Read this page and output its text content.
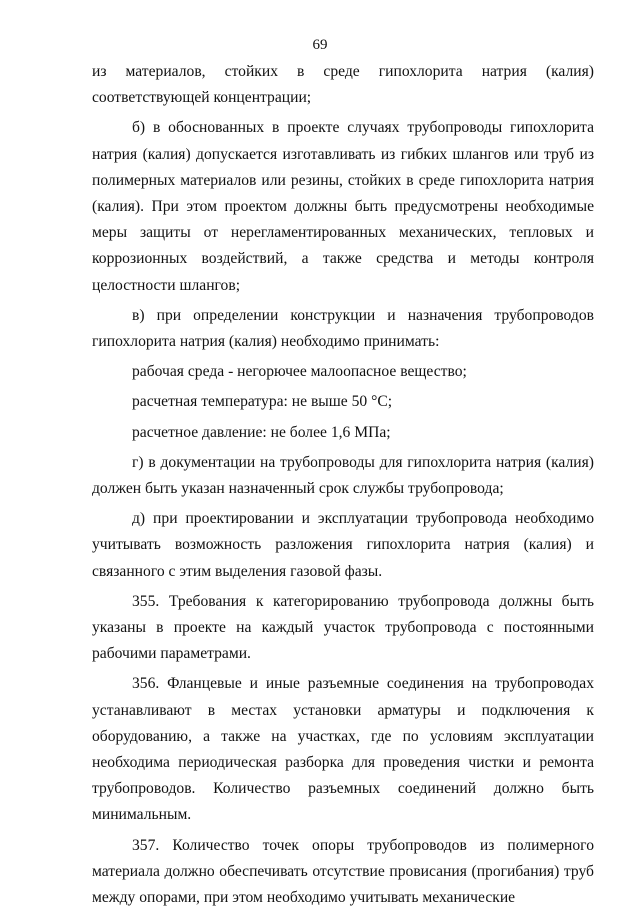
69

из материалов, стойких в среде гипохлорита натрия (калия) соответствующей концентрации;

б) в обоснованных в проекте случаях трубопроводы гипохлорита натрия (калия) допускается изготавливать из гибких шлангов или труб из полимерных материалов или резины, стойких в среде гипохлорита натрия (калия). При этом проектом должны быть предусмотрены необходимые меры защиты от нерегламентированных механических, тепловых и коррозионных воздействий, а также средства и методы контроля целостности шлангов;

в) при определении конструкции и назначения трубопроводов гипохлорита натрия (калия) необходимо принимать:

рабочая среда - негорючее малоопасное вещество;

расчетная температура: не выше 50 °С;

расчетное давление: не более 1,6 МПа;

г) в документации на трубопроводы для гипохлорита натрия (калия) должен быть указан назначенный срок службы трубопровода;

д) при проектировании и эксплуатации трубопровода необходимо учитывать возможность разложения гипохлорита натрия (калия) и связанного с этим выделения газовой фазы.

355. Требования к категорированию трубопровода должны быть указаны в проекте на каждый участок трубопровода с постоянными рабочими параметрами.

356. Фланцевые и иные разъемные соединения на трубопроводах устанавливают в местах установки арматуры и подключения к оборудованию, а также на участках, где по условиям эксплуатации необходима периодическая разборка для проведения чистки и ремонта трубопроводов. Количество разъемных соединений должно быть минимальным.

357. Количество точек опоры трубопроводов из полимерного материала должно обеспечивать отсутствие провисания (прогибания) труб между опорами, при этом необходимо учитывать механические
